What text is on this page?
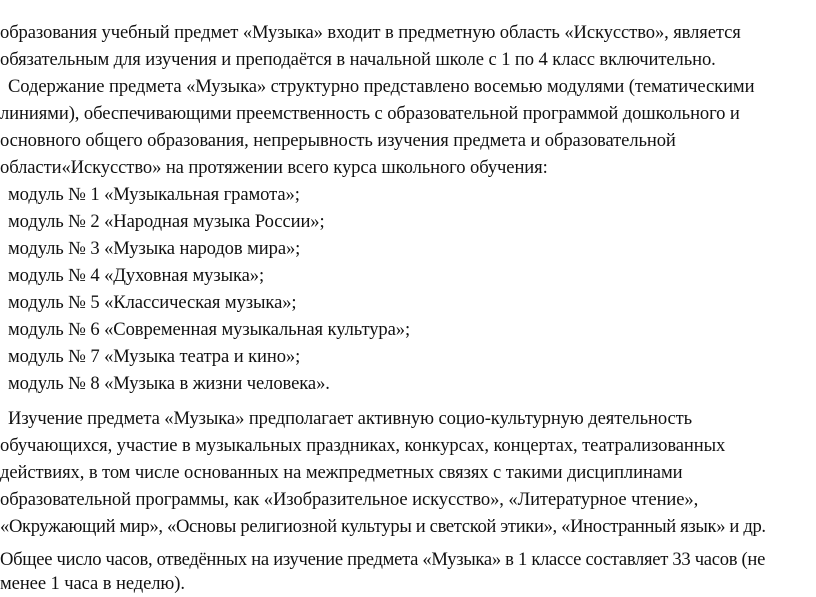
образования учебный предмет «Музыка» входит в предметную область «Искусство», является
обязательным для изучения и преподаётся в начальной школе с 1 по 4 класс включительно.
Содержание предмета «Музыка» структурно представлено восемью модулями (тематическими
линиями), обеспечивающими преемственность с образовательной программой дошкольного и
основного общего образования, непрерывность изучения предмета и образовательной
области«Искусство» на протяжении всего курса школьного обучения:
модуль № 1 «Музыкальная грамота»;
модуль № 2 «Народная музыка России»;
модуль № 3 «Музыка народов мира»;
модуль № 4 «Духовная музыка»;
модуль № 5 «Классическая музыка»;
модуль № 6 «Современная музыкальная культура»;
модуль № 7 «Музыка театра и кино»;
модуль № 8 «Музыка в жизни человека».
Изучение предмета «Музыка» предполагает активную социо-культурную деятельность
обучающихся, участие в музыкальных праздниках, конкурсах, концертах, театрализованных
действиях, в том числе основанных на межпредметных связях с такими дисциплинами
образовательной программы, как «Изобразительное искусство», «Литературное чтение»,
«Окружающий мир», «Основы религиозной культуры и светской этики», «Иностранный язык» и др.
Общее число часов, отведённых на изучение предмета «Музыка» в 1 классе составляет 33 часов (не
менее 1 часа в неделю).
